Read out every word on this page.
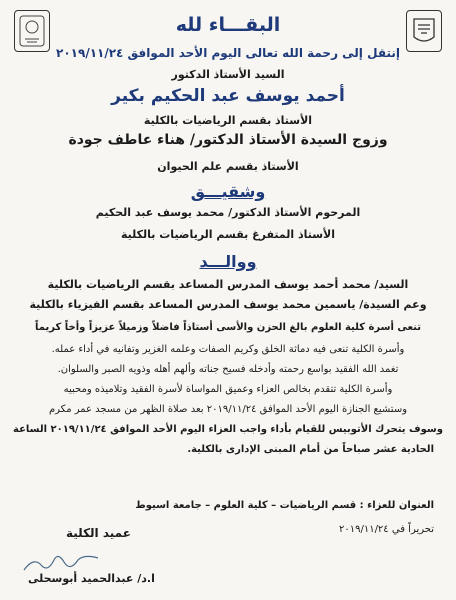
البقـــاء لله
إنتقل إلى رحمة الله تعالى اليوم الأحد الموافق ٢٠١٩/١١/٢٤
السيد الأستاذ الدكتور
أحمد يوسف عبد الحكيم بكير
الأستاذ بقسم الرياضيات بالكلية
وزوج السيدة الأستاذ الدكتور/ هناء عاطف جودة
الأستاذ بقسم علم الحيوان
وشقيـــق
المرحوم الأستاذ الدكتور/ محمد يوسف عبد الحكيم
الأستاذ المتفرغ بقسم الرياضيات بالكلية
ووالـــد
السيد/ محمد أحمد يوسف المدرس المساعد بقسم الرياضيات بالكلية
وعم السيدة/ ياسمين محمد يوسف المدرس المساعد بقسم الفيزياء بالكلية
تنعى أسرة كلية العلوم بالغ الحزن والأسى أستاذاً فاضلاً وزميلاً عزيزاً وأخاً كريماً
وأسرة الكلية تنعى فيه دماثة الخلق وكريم الصفات وعلمه الغزير وتفانيه في أداء عمله.
تغمد الله الفقيد بواسع رحمته وأدخله فسيح جناته وألهم أهله وذويه الصبر والسلوان.
وأسرة الكلية تتقدم بخالص العزاء وعميق المواساة لأسرة الفقيد وتلاميذه ومحبيه
وستشيع الجنازة اليوم الأحد الموافق ٢٠١٩/١١/٢٤ بعد صلاة الظهر من مسجد عمر مكرم
وسوف يتحرك الأتوبيس للقيام بأداء واجب العزاء اليوم الأحد الموافق ٢٠١٩/١١/٢٤ الساعة
الحادية عشر صباحاً من أمام المبنى الإدارى بالكلية.
العنوان للعزاء : قسم الرياضيات – كلية العلوم – جامعة اسيوط
تحريراً في ٢٠١٩/١١/٢٤
عميد الكلية
ا.د/ عبدالحميد أبوسحلى
